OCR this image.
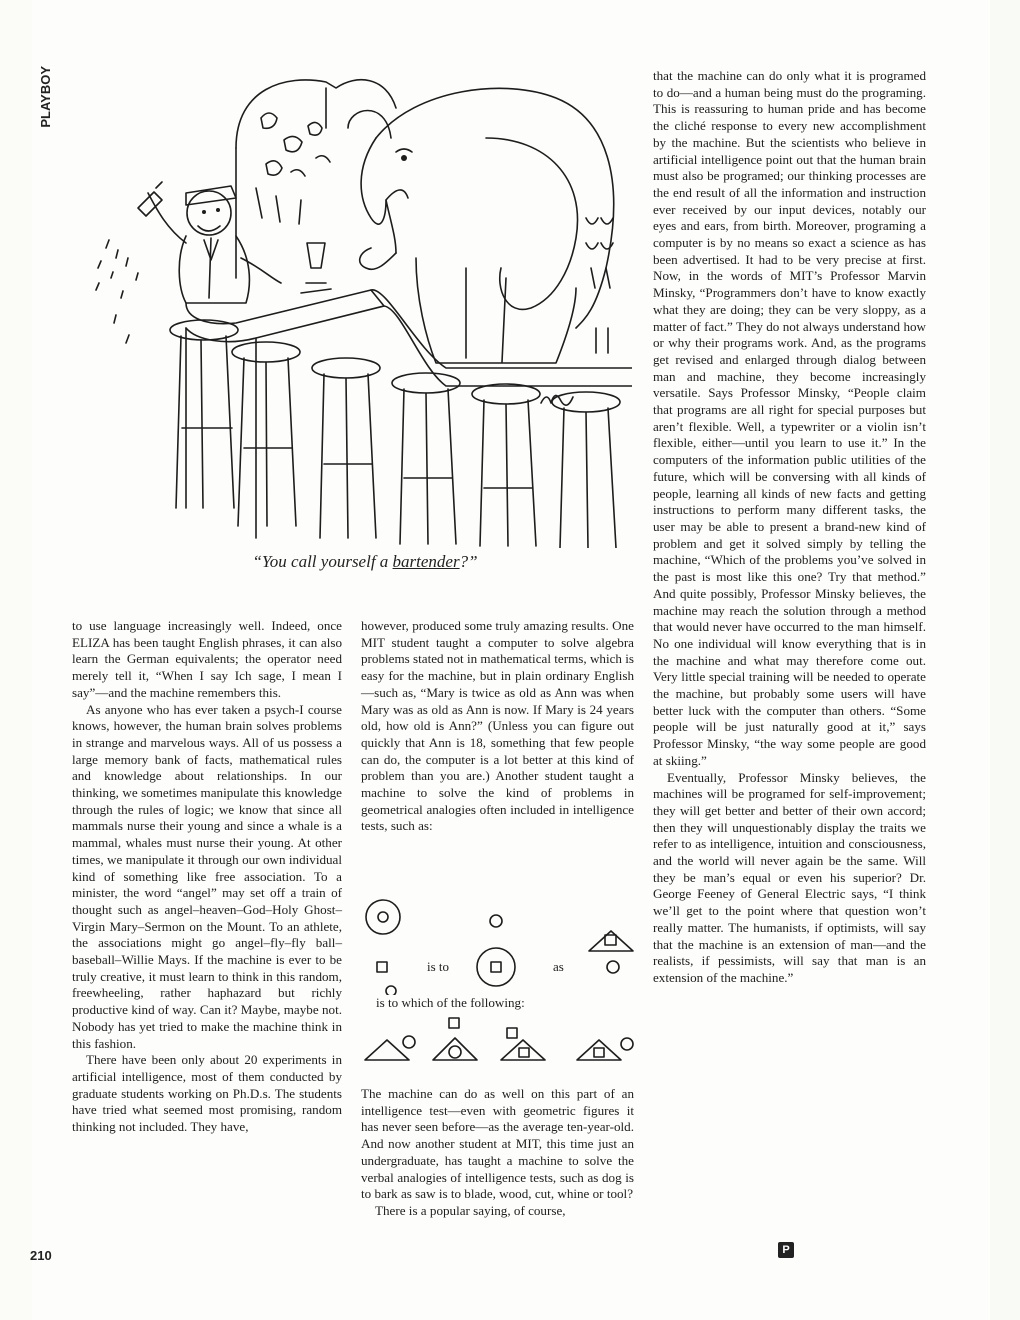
PLAYBOY
210
“You call yourself a bartender?”

to use language increasingly well. Indeed, once ELIZA has been taught English phrases, it can also learn the German equivalents; the operator need merely tell it, “When I say Ich sage, I mean I say”—and the machine remembers this.

As anyone who has ever taken a psych-I course knows, however, the human brain solves problems in strange and marvelous ways. All of us possess a large memory bank of facts, mathematical rules and knowledge about relationships. In our thinking, we sometimes manipulate this knowledge through the rules of logic; we know that since all mammals nurse their young and since a whale is a mammal, whales must nurse their young. At other times, we manipulate it through our own individual kind of something like free association. To a minister, the word “angel” may set off a train of thought such as angel–heaven–God–Holy Ghost–Virgin Mary–Sermon on the Mount. To an athlete, the associations might go angel–fly–fly ball–baseball–Willie Mays. If the machine is ever to be truly creative, it must learn to think in this random, freewheeling, rather haphazard but richly productive kind of way. Can it? Maybe, maybe not. Nobody has yet tried to make the machine think in this fashion.

There have been only about 20 experiments in artificial intelligence, most of them conducted by graduate students working on Ph.D.s. The students have tried what seemed most promising, random thinking not included. They have,

however, produced some truly amazing results. One MIT student taught a computer to solve algebra problems stated not in mathematical terms, which is easy for the machine, but in plain ordinary English—such as, “Mary is twice as old as Ann was when Mary was as old as Ann is now. If Mary is 24 years old, how old is Ann?” (Unless you can figure out quickly that Ann is 18, something that few people can do, the computer is a lot better at this kind of problem than you are.) Another student taught a machine to solve the kind of problems in geometrical analogies often included in intelligence tests, such as:

is to	as
is to which of the following:

The machine can do as well on this part of an intelligence test—even with geometric figures it has never seen before—as the average ten-year-old. And now another student at MIT, this time just an undergraduate, has taught a machine to solve the verbal analogies of intelligence tests, such as dog is to bark as saw is to blade, wood, cut, whine or tool?

There is a popular saying, of course,

that the machine can do only what it is programed to do—and a human being must do the programing. This is reassuring to human pride and has become the cliché response to every new accomplishment by the machine. But the scientists who believe in artificial intelligence point out that the human brain must also be programed; our thinking processes are the end result of all the information and instruction ever received by our input devices, notably our eyes and ears, from birth. Moreover, programing a computer is by no means so exact a science as has been advertised. It had to be very precise at first. Now, in the words of MIT’s Professor Marvin Minsky, “Programmers don’t have to know exactly what they are doing; they can be very sloppy, as a matter of fact.” They do not always understand how or why their programs work. And, as the programs get revised and enlarged through dialog between man and machine, they become increasingly versatile. Says Professor Minsky, “People claim that programs are all right for special purposes but aren’t flexible. Well, a typewriter or a violin isn’t flexible, either—until you learn to use it.” In the computers of the information public utilities of the future, which will be conversing with all kinds of people, learning all kinds of new facts and getting instructions to perform many different tasks, the user may be able to present a brand-new kind of problem and get it solved simply by telling the machine, “Which of the problems you’ve solved in the past is most like this one? Try that method.” And quite possibly, Professor Minsky believes, the machine may reach the solution through a method that would never have occurred to the man himself. No one individual will know everything that is in the machine and what may therefore come out. Very little special training will be needed to operate the machine, but probably some users will have better luck with the computer than others. “Some people will be just naturally good at it,” says Professor Minsky, “the way some people are good at skiing.”

Eventually, Professor Minsky believes, the machines will be programed for self-improvement; they will get better and better of their own accord; then they will unquestionably display the traits we refer to as intelligence, intuition and consciousness, and the world will never again be the same. Will they be man’s equal or even his superior? Dr. George Feeney of General Electric says, “I think we’ll get to the point where that question won’t really matter. The humanists, if optimists, will say that the machine is an extension of man—and the realists, if pessimists, will say that man is an extension of the machine.”

P
